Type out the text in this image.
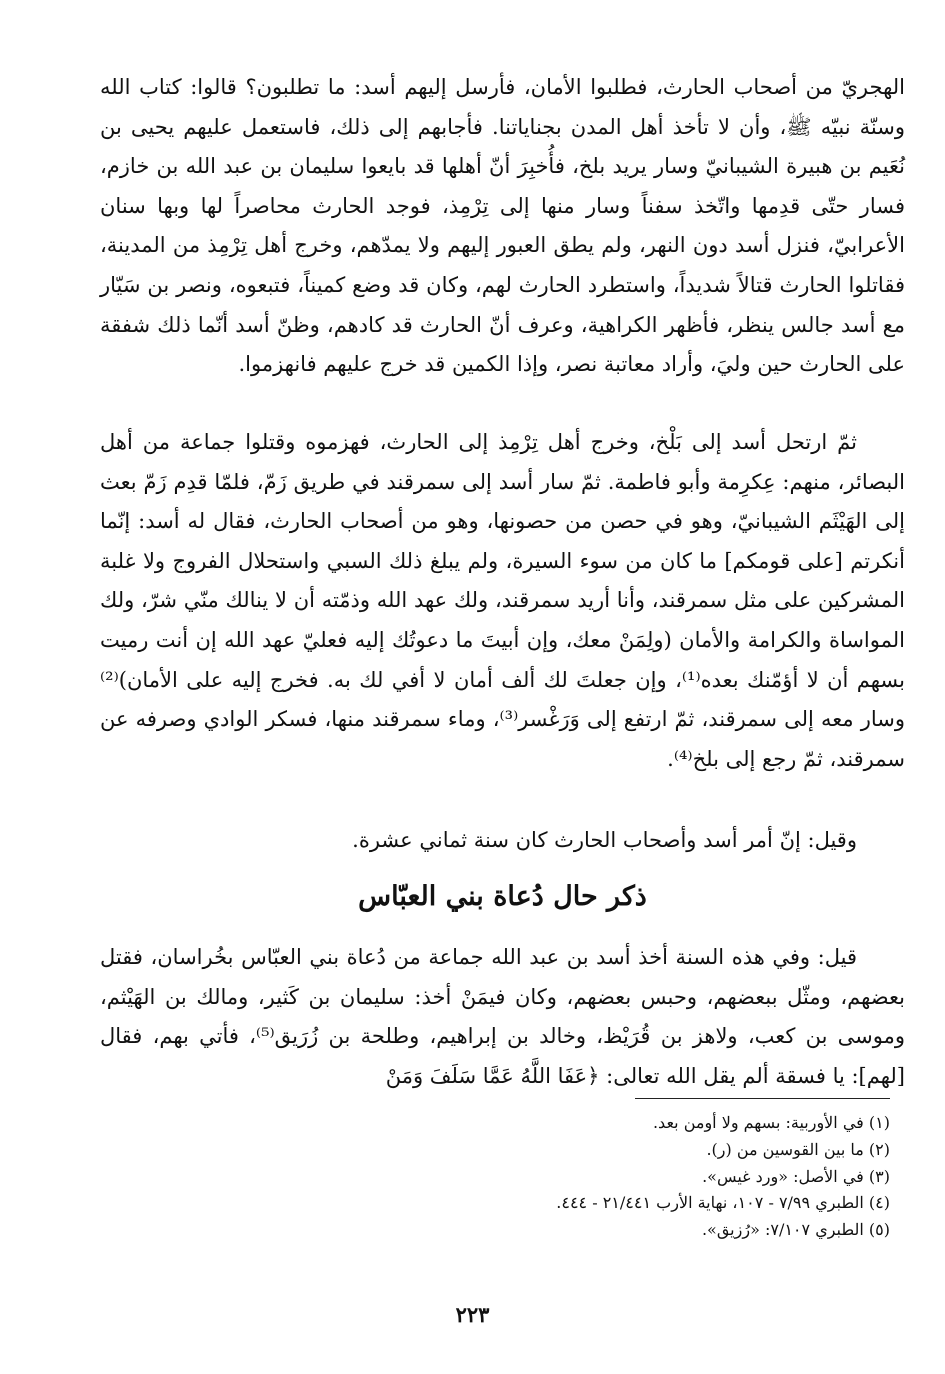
الهجريّ من أصحاب الحارث، فطلبوا الأمان، فأرسل إليهم أسد: ما تطلبون؟ قالوا: كتاب الله وسنّة نبيّه ﷺ، وأن لا تأخذ أهل المدن بجناياتنا. فأجابهم إلى ذلك، فاستعمل عليهم يحيى بن نُعَيم بن هبيرة الشيبانيّ وسار يريد بلخ، فأُخبِرَ أنّ أهلها قد بايعوا سليمان بن عبد الله بن خازم، فسار حتّى قدِمها واتّخذ سفناً وسار منها إلى تِرْمِذ، فوجد الحارث محاصراً لها وبها سنان الأعرابيّ، فنزل أسد دون النهر، ولم يطق العبور إليهم ولا يمدّهم، وخرج أهل تِرْمِذ من المدينة، فقاتلوا الحارث قتالاً شديداً، واستطرد الحارث لهم، وكان قد وضع كميناً، فتبعوه، ونصر بن سَيّار مع أسد جالس ينظر، فأظهر الكراهية، وعرف أنّ الحارث قد كادهم، وظنّ أسد أنّما ذلك شفقة على الحارث حين وليَ، وأراد معاتبة نصر، وإذا الكمين قد خرج عليهم فانهزموا.

ثمّ ارتحل أسد إلى بَلْخ، وخرج أهل تِرْمِذ إلى الحارث، فهزموه وقتلوا جماعة من أهل البصائر، منهم: عِكرِمة وأبو فاطمة. ثمّ سار أسد إلى سمرقند في طريق زَمّ، فلمّا قدِم زَمّ بعث إلى الهَيْثَم الشيبانيّ، وهو في حصن من حصونها، وهو من أصحاب الحارث، فقال له أسد: إنّما أنكرتم [على قومكم] ما كان من سوء السيرة، ولم يبلغ ذلك السبي واستحلال الفروج ولا غلبة المشركين على مثل سمرقند، وأنا أريد سمرقند، ولك عهد الله وذمّته أن لا ينالك منّي شرّ، ولك المواساة والكرامة والأمان (ولِمَنْ معك، وإن أبيتَ ما دعوتُك إليه فعليّ عهد الله إن أنت رميت بسهم أن لا أؤمّنك بعده⁽¹⁾، وإن جعلتَ لك ألف أمان لا أفي لك به. فخرج إليه على الأمان)⁽²⁾ وسار معه إلى سمرقند، ثمّ ارتفع إلى وَرَغْسر⁽³⁾، وماء سمرقند منها، فسكر الوادي وصرفه عن سمرقند، ثمّ رجع إلى بلخ⁽⁴⁾.

وقيل: إنّ أمر أسد وأصحاب الحارث كان سنة ثماني عشرة.

ذكر حال دُعاة بني العبّاس

قيل: وفي هذه السنة أخذ أسد بن عبد الله جماعة من دُعاة بني العبّاس بخُراسان، فقتل بعضهم، ومثّل ببعضهم، وحبس بعضهم، وكان فيمَنْ أخذ: سليمان بن كَثير، ومالك بن الهَيْثم، وموسى بن كعب، ولاهز بن قُرَيْظ، وخالد بن إبراهيم، وطلحة بن زُرَيق⁽⁵⁾، فأتي بهم، فقال [لهم]: يا فسقة ألم يقل الله تعالى: ﴿عَفَا اللَّهُ عَمَّا سَلَفَ وَمَنْ

(١) في الأوربية: بسهم ولا أومن بعد.
(٢) ما بين القوسين من (ر).
(٣) في الأصل: «ورد غيس».
(٤) الطبري ٧/٩٩ - ١٠٧، نهاية الأرب ٢١/٤٤١ - ٤٤٤.
(٥) الطبري ٧/١٠٧: «رُزيق».
٢٢٣
